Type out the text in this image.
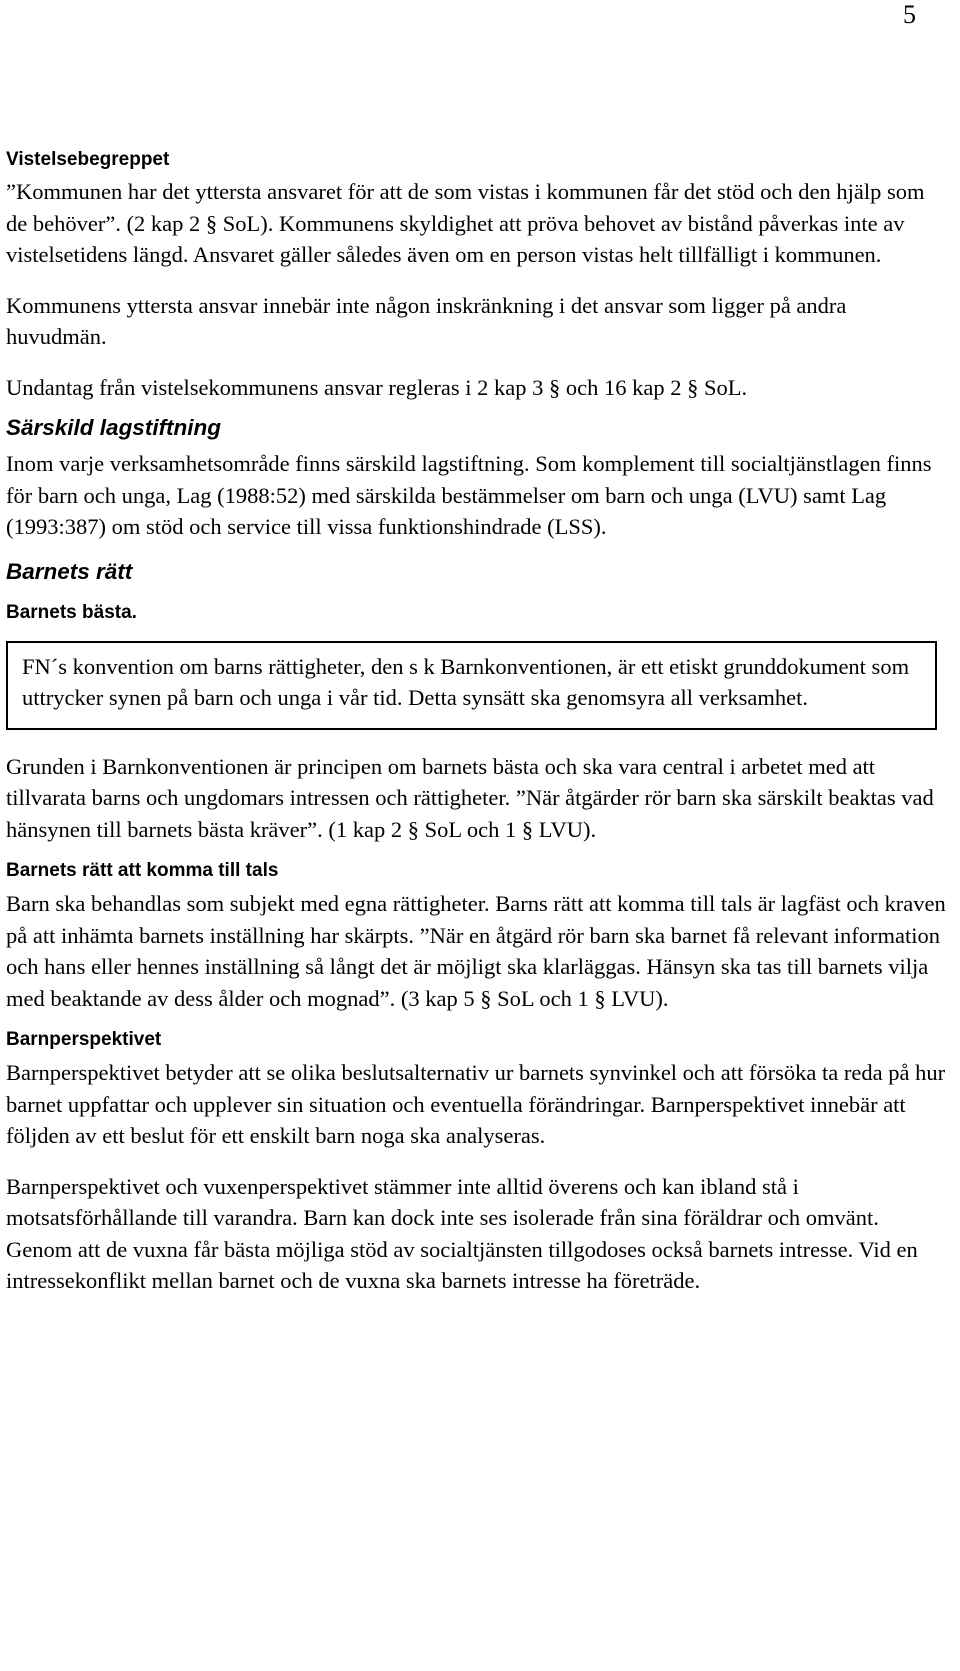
5

Vistelsebegreppet

”Kommunen har det yttersta ansvaret för att de som vistas i kommunen får det stöd och den hjälp som de behöver”. (2 kap 2 § SoL). Kommunens skyldighet att pröva behovet av bistånd påverkas inte av vistelsetidens längd. Ansvaret gäller således även om en person vistas helt tillfälligt i kommunen.

Kommunens yttersta ansvar innebär inte någon inskränkning i det ansvar som ligger på andra huvudmän.

Undantag från vistelsekommunens ansvar regleras i 2 kap 3 § och 16 kap 2 § SoL.

Särskild lagstiftning

Inom varje verksamhetsområde finns särskild lagstiftning. Som komplement till socialtjänstlagen finns för barn och unga, Lag (1988:52) med särskilda bestämmelser om barn och unga (LVU) samt Lag (1993:387) om stöd och service till vissa funktionshindrade (LSS).

Barnets rätt

Barnets bästa.

FN´s konvention om barns rättigheter, den s k Barnkonventionen, är ett etiskt grunddokument som uttrycker synen på barn och unga i vår tid. Detta synsätt ska genomsyra all verksamhet.

Grunden i Barnkonventionen är principen om barnets bästa och ska vara central i arbetet med att tillvarata barns och ungdomars intressen och rättigheter. ”När åtgärder rör barn ska särskilt beaktas vad hänsynen till barnets bästa kräver”. (1 kap 2 § SoL och 1 § LVU).

Barnets rätt att komma till tals

Barn ska behandlas som subjekt med egna rättigheter. Barns rätt att komma till tals är lagfäst och kraven på att inhämta barnets inställning har skärpts. ”När en åtgärd rör barn ska barnet få relevant information och hans eller hennes inställning så långt det är möjligt ska klarläggas. Hänsyn ska tas till barnets vilja med beaktande av dess ålder och mognad”. (3 kap 5 § SoL och 1 § LVU).

Barnperspektivet

Barnperspektivet betyder att se olika beslutsalternativ ur barnets synvinkel och att försöka ta reda på hur barnet uppfattar och upplever sin situation och eventuella förändringar. Barnperspektivet innebär att följden av ett beslut för ett enskilt barn noga ska analyseras.

Barnperspektivet och vuxenperspektivet stämmer inte alltid överens och kan ibland stå i motsatsförhållande till varandra. Barn kan dock inte ses isolerade från sina föräldrar och omvänt. Genom att de vuxna får bästa möjliga stöd av socialtjänsten tillgodoses också barnets intresse. Vid en intressekonflikt mellan barnet och de vuxna ska barnets intresse ha företräde.
